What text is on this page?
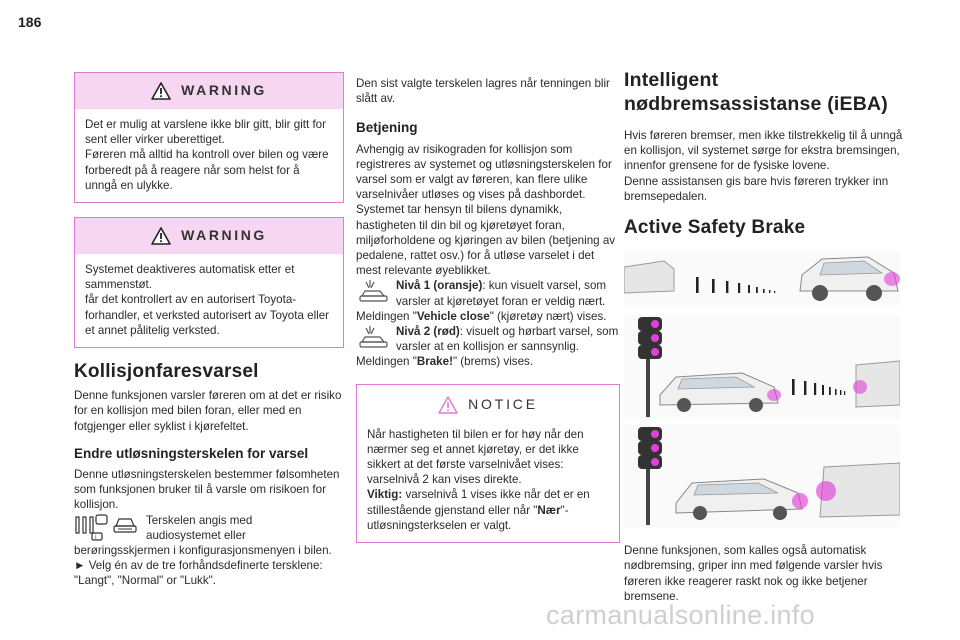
186
WARNING

Det er mulig at varslene ikke blir gitt, blir gitt for sent eller virker uberettiget.
Føreren må alltid ha kontroll over bilen og være forberedt på å reagere når som helst for å unngå en ulykke.

WARNING

Systemet deaktiveres automatisk etter et sammenstøt.
får det kontrollert av en autorisert Toyota-forhandler, et verksted autorisert av Toyota eller et annet pålitelig verksted.

Kollisjonfaresvarsel

Denne funksjonen varsler føreren om at det er risiko for en kollisjon med bilen foran, eller med en fotgjenger eller syklist i kjørefeltet.

Endre utløsningsterskelen for varsel

Denne utløsningsterskelen bestemmer følsomheten som funksjonen bruker til å varsle om risikoen for kollisjon.

i
Terskelen angis med audiosystemet eller

berøringsskjermen i konfigurasjonsmenyen i bilen.

► Velg én av de tre forhåndsdefinerte tersklene: "Langt", "Normal" or "Lukk".

Den sist valgte terskelen lagres når tenningen blir slått av.

Betjening

Avhengig av risikograden for kollisjon som registreres av systemet og utløsningsterskelen for varsel som er valgt av føreren, kan flere ulike varselnivåer utløses og vises på dashbordet.
Systemet tar hensyn til bilens dynamikk, hastigheten til din bil og kjøretøyet foran, miljøforholdene og kjøringen av bilen (betjening av pedalene, rattet osv.) for å utløse varselet i det mest relevante øyeblikket.

Nivå 1 (oransje): kun visuelt varsel, som varsler at kjøretøyet foran er veldig nært.

Meldingen "Vehicle close" (kjøretøy nært) vises.

Nivå 2 (rød): visuelt og hørbart varsel, som varsler at en kollisjon er sannsynlig.

Meldingen "Brake!" (brems) vises.

NOTICE

Når hastigheten til bilen er for høy når den nærmer seg et annet kjøretøy, er det ikke sikkert at det første varselnivået vises: varselnivå 2 kan vises direkte.

Viktig: varselnivå 1 vises ikke når det er en stillestående gjenstand eller når "Nær"-utløsningsterkselen er valgt.

Intelligent nødbremsassistanse (iEBA)

Hvis føreren bremser, men ikke tilstrekkelig til å unngå en kollisjon, vil systemet sørge for ekstra bremsingen, innenfor grensene for de fysiske lovene.
Denne assistansen gis bare hvis føreren trykker inn bremsepedalen.

Active Safety Brake

Denne funksjonen, som kalles også automatisk nødbremsing, griper inn med følgende varsler hvis føreren ikke reagerer raskt nok og ikke betjener bremsene.

carmanualsonline.info
